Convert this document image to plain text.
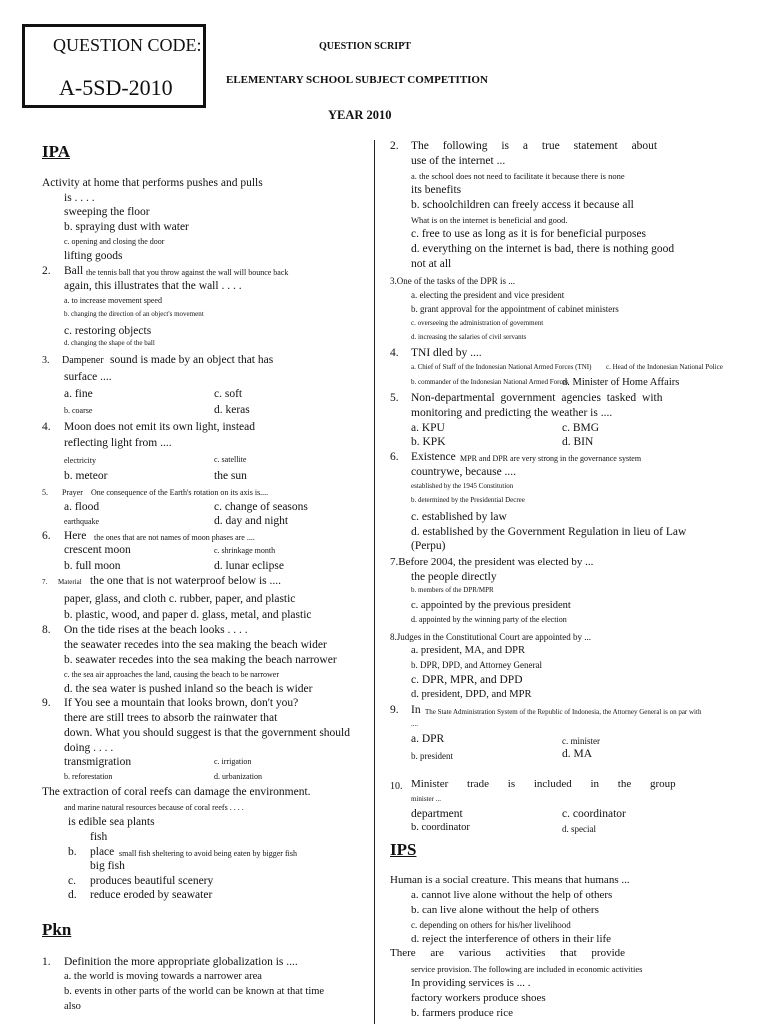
QUESTION CODE:
A-5SD-2010
QUESTION SCRIPT
ELEMENTARY SCHOOL SUBJECT COMPETITION
YEAR 2010
IPA
Activity at home that performs pushes and pulls
is . . . .
sweeping the floor
b. spraying dust with water
c. opening and closing the door
lifting goods
2. Ball the tennis ball that you throw against the wall will bounce back
again, this illustrates that the wall . . . .
a. to increase movement speed
b. changing the direction of an object's movement
c. restoring objects
d. changing the shape of the ball
3. Dampener sound is made by an object that has
surface ....
a. fine	c. soft
b. coarse	d. keras
4. Moon does not emit its own light, instead
reflecting light from ....
electricity	c. satellite
b. meteor	the sun
5. Prayer One consequence of the Earth's rotation on its axis is....
a. flood	c. change of seasons
earthquake	d. day and night
6. Here the ones that are not names of moon phases are ....
crescent moon	c. shrinkage month
b. full moon	d. lunar eclipse
7. Material the one that is not waterproof below is ....
paper, glass, and cloth c. rubber, paper, and plastic
b. plastic, wood, and paper d. glass, metal, and plastic
8. On the tide rises at the beach looks . . . .
the seawater recedes into the sea making the beach wider
b. seawater recedes into the sea making the beach narrower
c. the sea air approaches the land, causing the beach to be narrower
d. the sea water is pushed inland so the beach is wider
9. If You see a mountain that looks brown, don't you?
there are still trees to absorb the rainwater that
down. What you should suggest is that the government should
doing . . . .
transmigration	c. irrigation
b. reforestation	d. urbanization
The extraction of coral reefs can damage the environment.
and marine natural resources because of coral reefs . . . .
is edible sea plants
fish
b. place small fish sheltering to avoid being eaten by bigger fish
big fish
c. produces beautiful scenery
d. reduce eroded by seawater
Pkn
1. Definition the more appropriate globalization is ....
a. the world is moving towards a narrower area
b. events in other parts of the world can be known at that time
also
2. The following is a true statement about
use of the internet ...
a. the school does not need to facilitate it because there is none
its benefits
b. schoolchildren can freely access it because all
What is on the internet is beneficial and good.
c. free to use as long as it is for beneficial purposes
d. everything on the internet is bad, there is nothing good
not at all
3.One of the tasks of the DPR is ...
a. electing the president and vice president
b. grant approval for the appointment of cabinet ministers
c. overseeing the administration of government
d. increasing the salaries of civil servants
4. TNI dled by ....
a. Chief of Staff of the Indonesian National Armed Forces (TNI) c. Head of the Indonesian National Police
b. commander of the Indonesian National Armed Forces
d. Minister of Home Affairs
5. Non-departmental government agencies tasked with
monitoring and predicting the weather is ....
a. KPU	c. BMG
b. KPK	d. BIN
6. Existence MPR and DPR are very strong in the governance system
countrywe, because ....
established by the 1945 Constitution
b. determined by the Presidential Decree
c. established by law
d. established by the Government Regulation in lieu of Law
(Perpu)
7.Before 2004, the president was elected by ...
the people directly
b. members of the DPR/MPR
c. appointed by the previous president
d. appointed by the winning party of the election
8.Judges in the Constitutional Court are appointed by ...
a. president, MA, and DPR
b. DPR, DPD, and Attorney General
c. DPR, MPR, and DPD
d. president, DPD, and MPR
9. In The State Administration System of the Republic of Indonesia, the Attorney General is on par with
....
a. DPR	c. minister
b. president	d. MA
10. Minister trade is included in the group
minister ...
department	c. coordinator
b. coordinator	d. special
IPS
Human is a social creature. This means that humans ...
a. cannot live alone without the help of others
b. can live alone without the help of others
c. depending on others for his/her livelihood
d. reject the interference of others in their life
There are various activities that provide
service provision. The following are included in economic activities
In providing services is ... .
factory workers produce shoes
b. farmers produce rice
